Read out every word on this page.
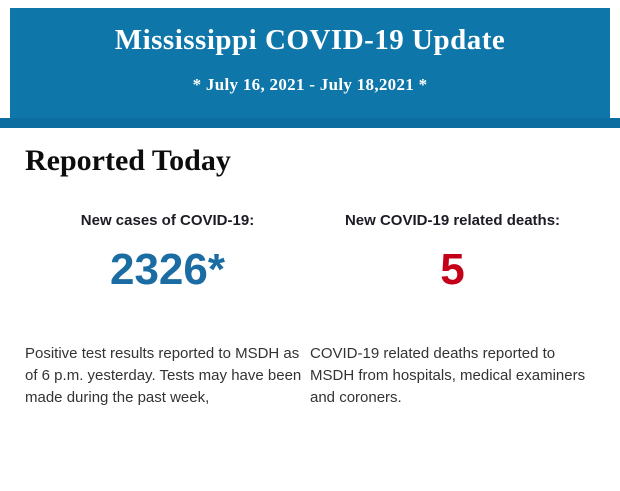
Mississippi COVID-19 Update
* July 16, 2021 - July 18,2021 *
Reported Today
New cases of COVID-19:
2326*

Positive test results reported to MSDH as of 6 p.m. yesterday. Tests may have been made during the past week,

New COVID-19 related deaths:
5

COVID-19 related deaths reported to MSDH from hospitals, medical examiners and coroners.
